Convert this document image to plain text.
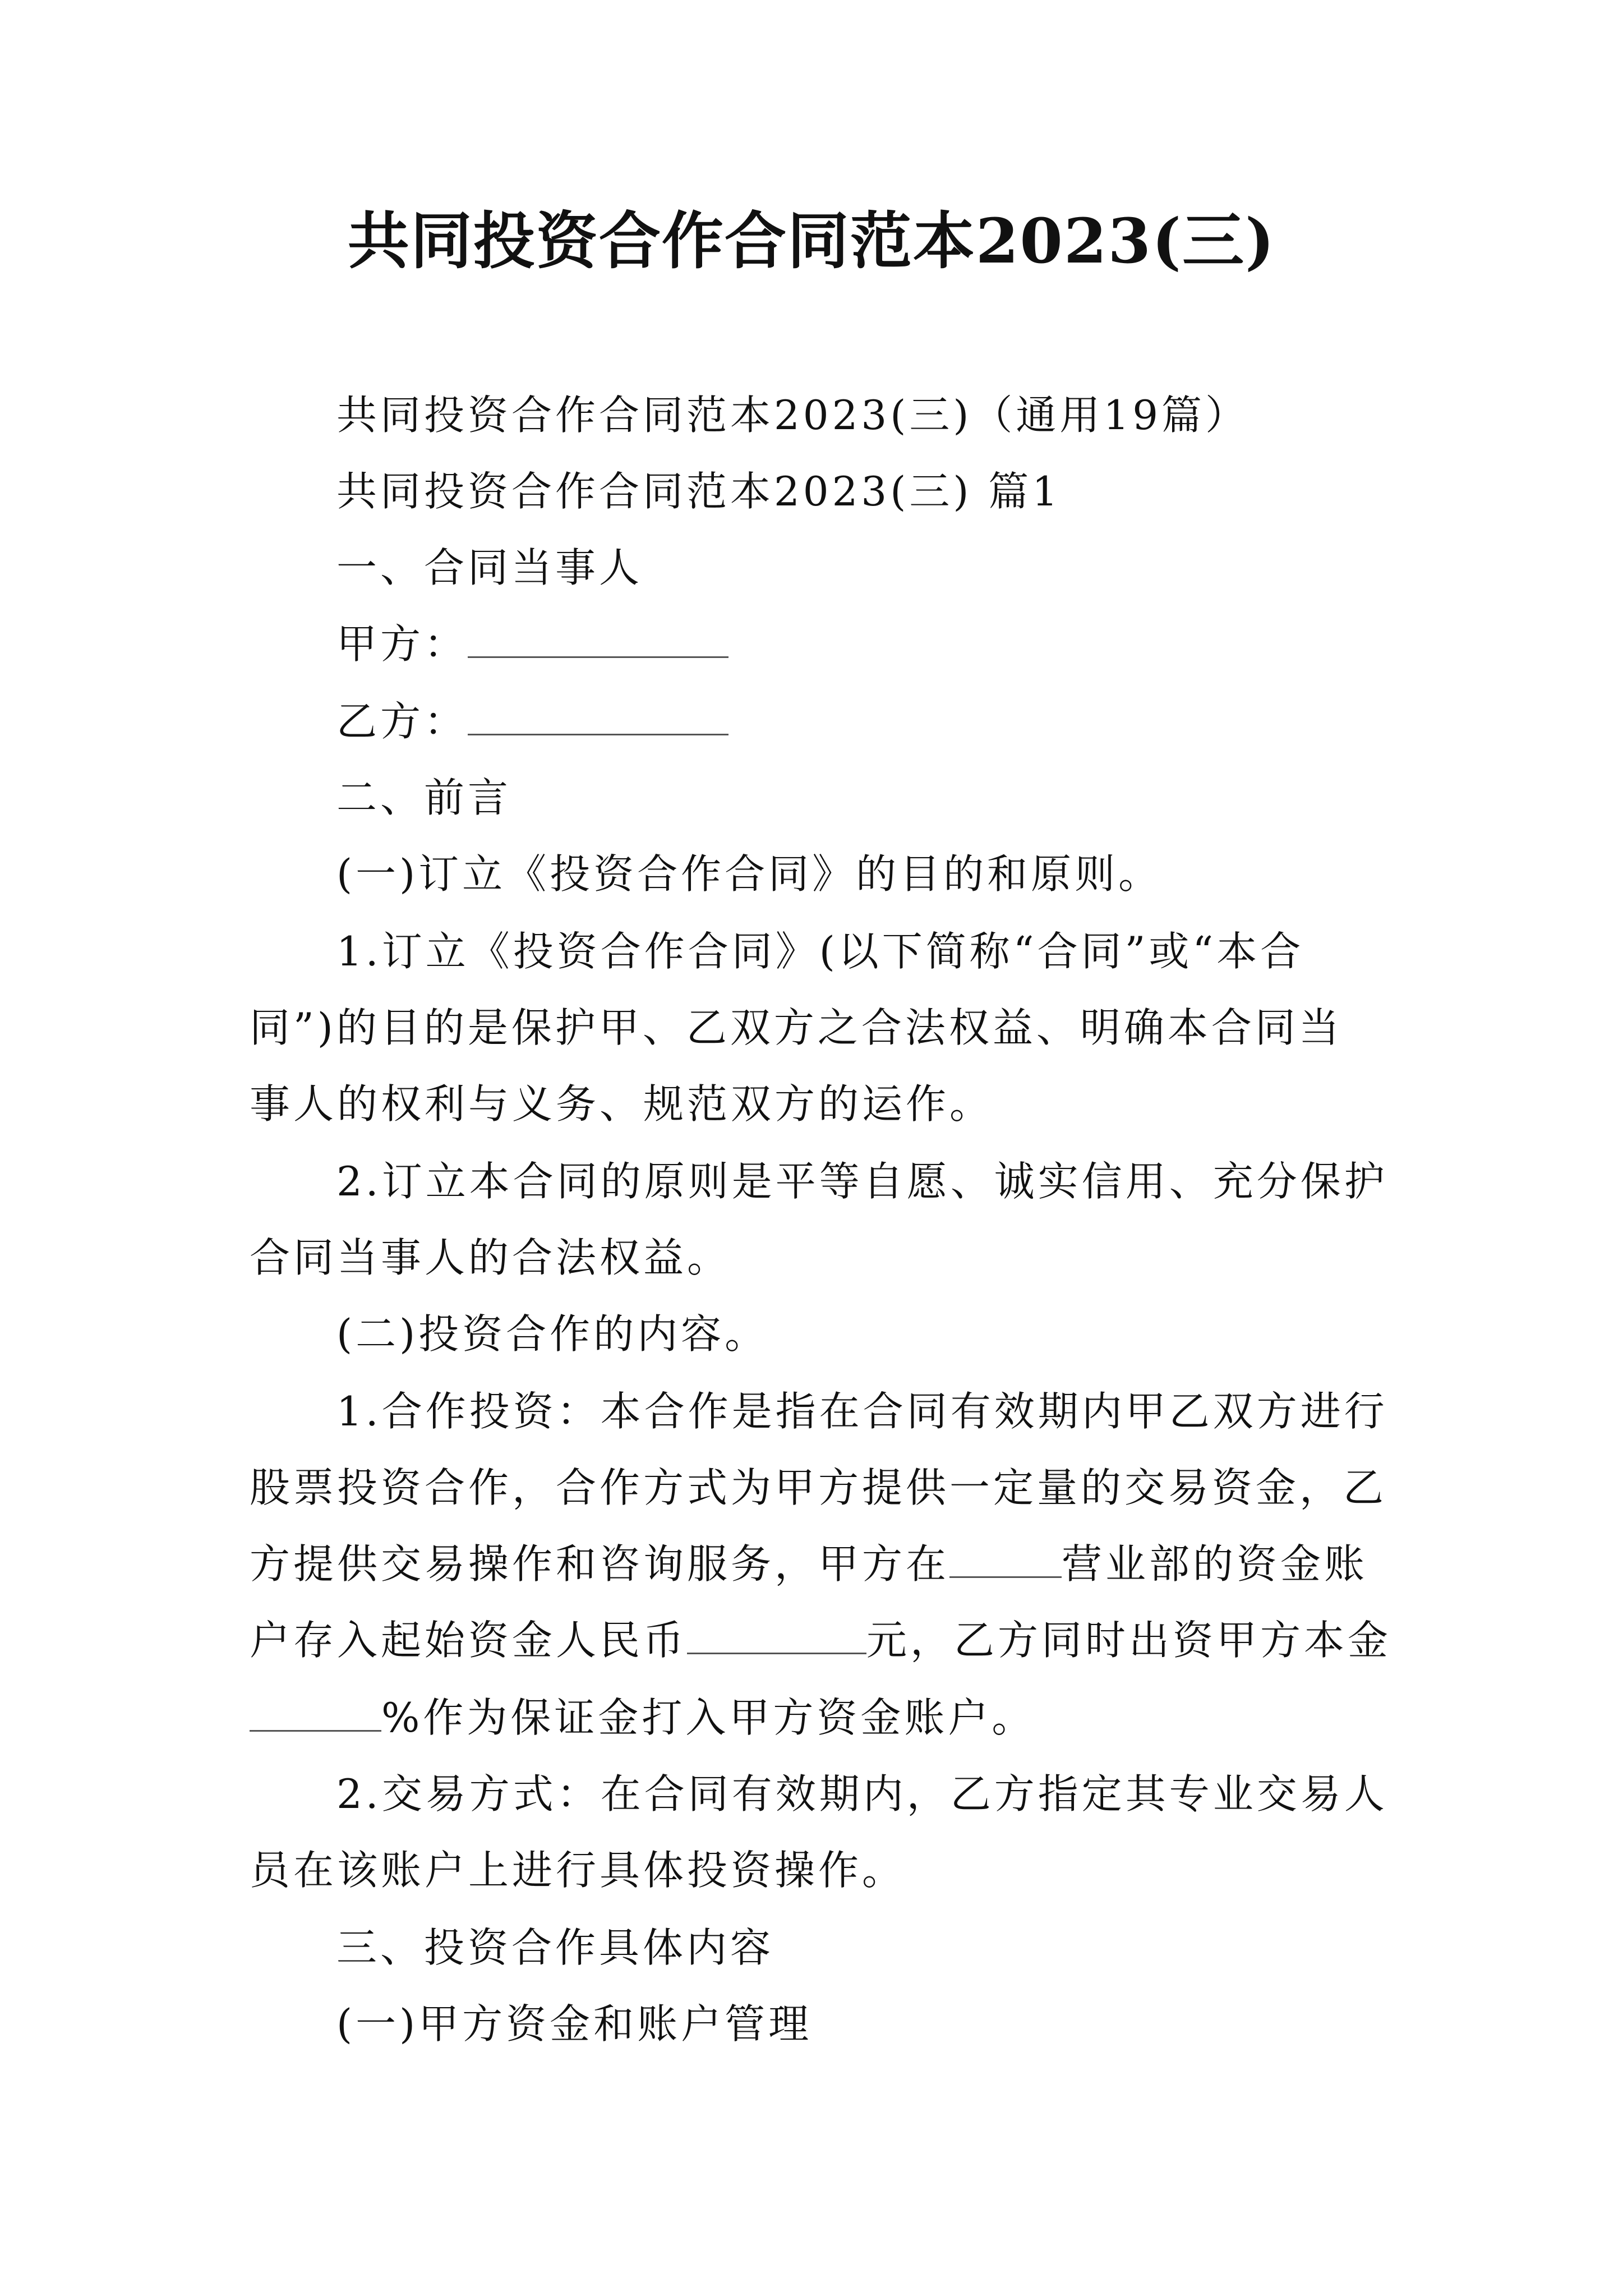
共同投资合作合同范本2023(三)
共同投资合作合同范本2023(三)（通用19篇）
共同投资合作合同范本2023(三) 篇1
一、合同当事人
甲方：
乙方：
二、前言
(一)订立《投资合作合同》的目的和原则。
1.订立《投资合作合同》(以下简称“合同”或“本合
同”)的目的是保护甲、乙双方之合法权益、明确本合同当
事人的权利与义务、规范双方的运作。
2.订立本合同的原则是平等自愿、诚实信用、充分保护
合同当事人的合法权益。
(二)投资合作的内容。
1.合作投资：本合作是指在合同有效期内甲乙双方进行
股票投资合作，合作方式为甲方提供一定量的交易资金，乙
方提供交易操作和咨询服务，甲方在	营业部的资金账
户存入起始资金人民币	元，乙方同时出资甲方本金
%作为保证金打入甲方资金账户。
2.交易方式：在合同有效期内，乙方指定其专业交易人
员在该账户上进行具体投资操作。
三、投资合作具体内容
(一)甲方资金和账户管理
